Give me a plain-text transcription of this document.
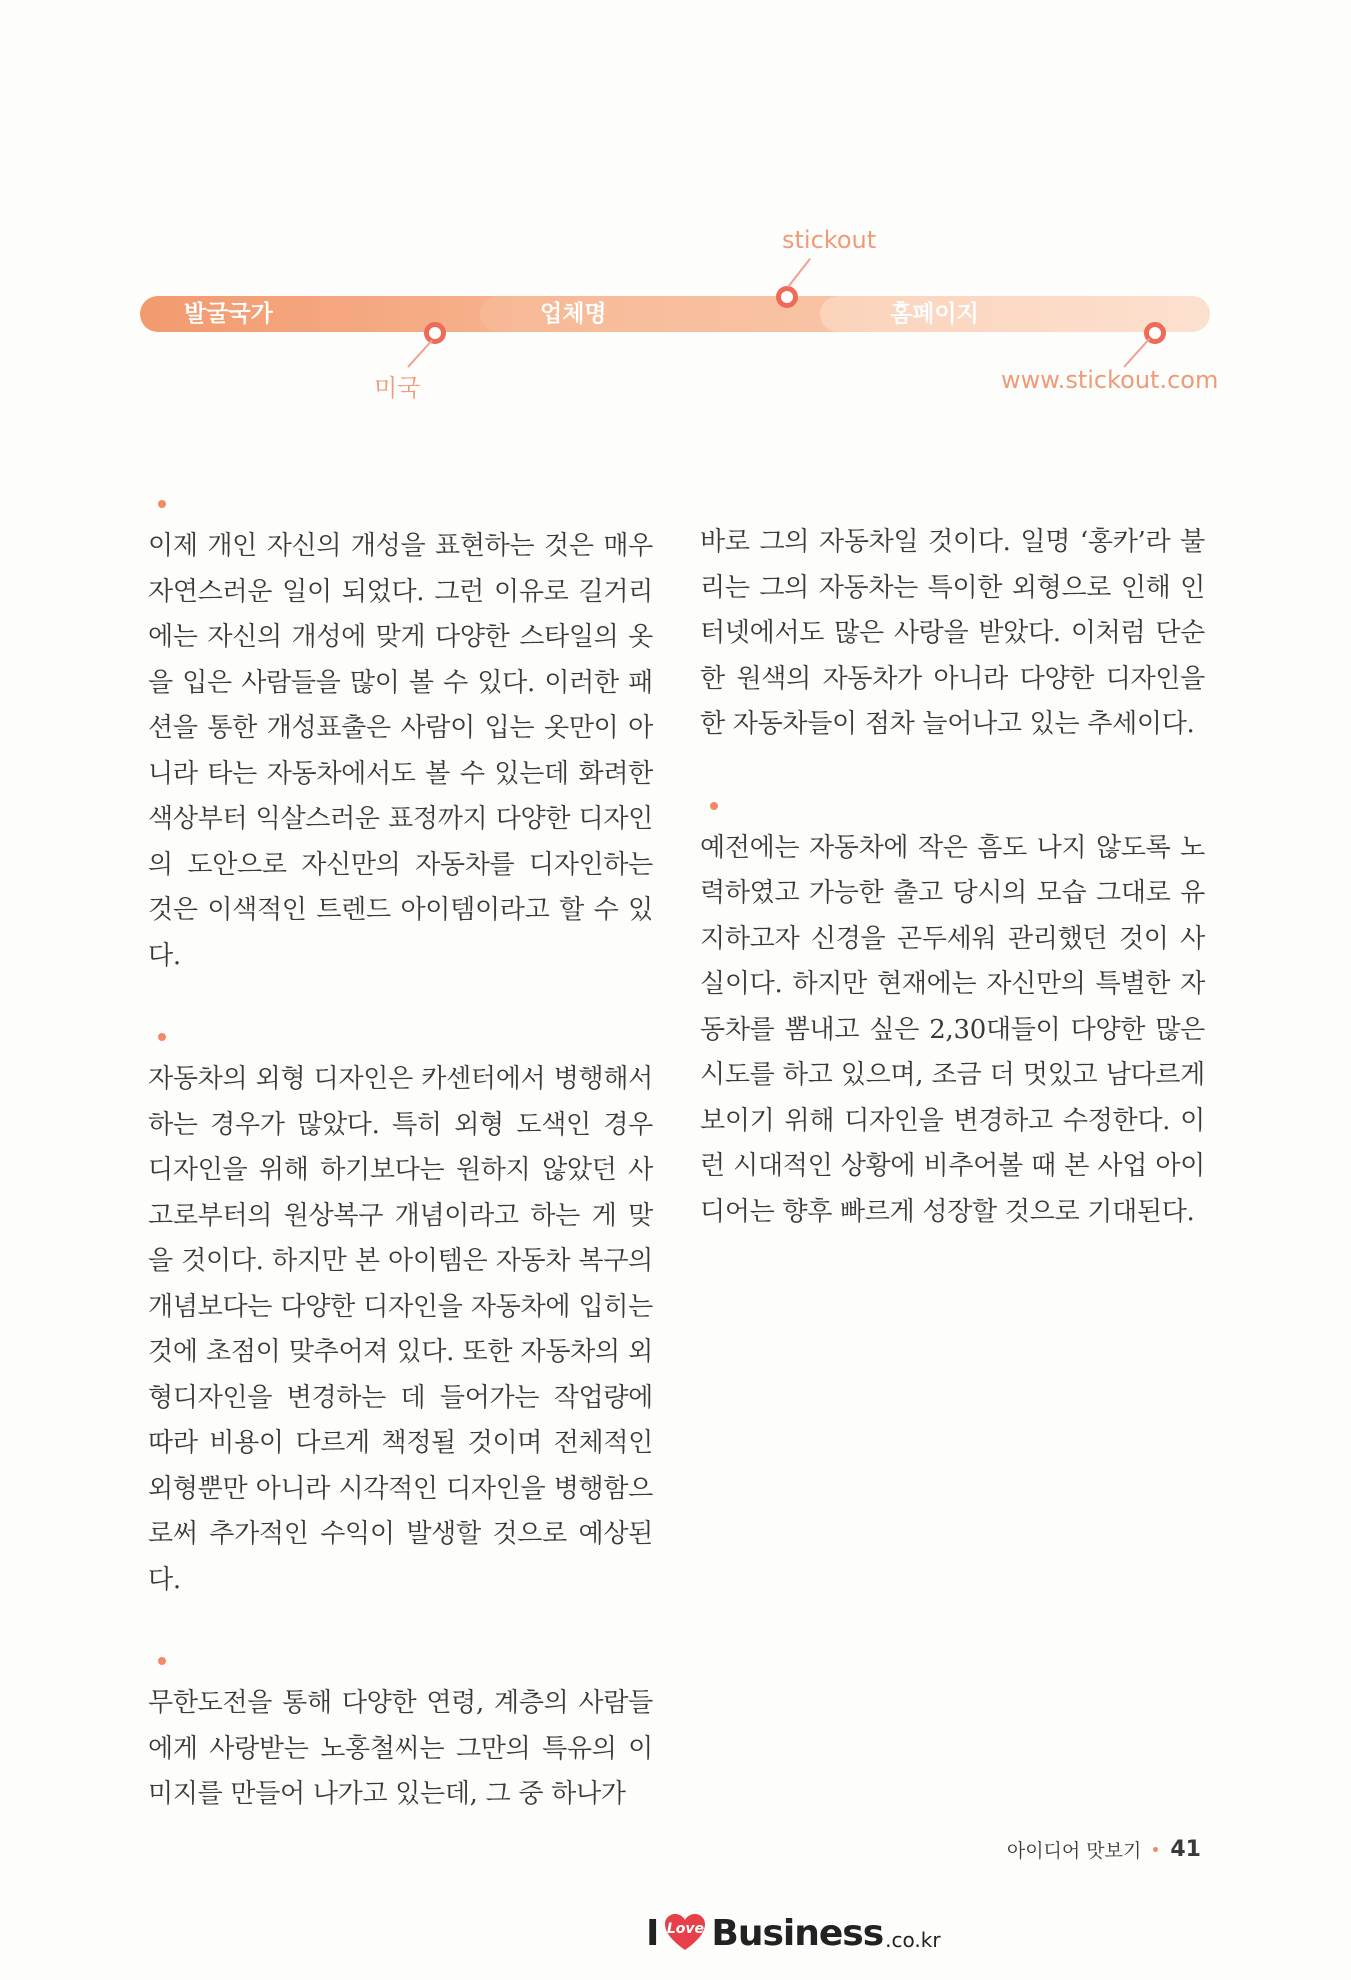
발굴국가	업체명	홈페이지
미국
stickout
www.stickout.com

이제 개인 자신의 개성을 표현하는 것은 매우 자연스러운 일이 되었다. 그런 이유로 길거리에는 자신의 개성에 맞게 다양한 스타일의 옷을 입은 사람들을 많이 볼 수 있다. 이러한 패션을 통한 개성표출은 사람이 입는 옷만이 아니라 타는 자동차에서도 볼 수 있는데 화려한 색상부터 익살스러운 표정까지 다양한 디자인의 도안으로 자신만의 자동차를 디자인하는 것은 이색적인 트렌드 아이템이라고 할 수 있다.

자동차의 외형 디자인은 카센터에서 병행해서 하는 경우가 많았다. 특히 외형 도색인 경우 디자인을 위해 하기보다는 원하지 않았던 사고로부터의 원상복구 개념이라고 하는 게 맞을 것이다. 하지만 본 아이템은 자동차 복구의 개념보다는 다양한 디자인을 자동차에 입히는 것에 초점이 맞추어져 있다. 또한 자동차의 외형디자인을 변경하는 데 들어가는 작업량에 따라 비용이 다르게 책정될 것이며 전체적인 외형뿐만 아니라 시각적인 디자인을 병행함으로써 추가적인 수익이 발생할 것으로 예상된다.

무한도전을 통해 다양한 연령, 계층의 사람들에게 사랑받는 노홍철씨는 그만의 특유의 이미지를 만들어 나가고 있는데, 그 중 하나가

바로 그의 자동차일 것이다. 일명 ‘홍카’라 불리는 그의 자동차는 특이한 외형으로 인해 인터넷에서도 많은 사랑을 받았다. 이처럼 단순한 원색의 자동차가 아니라 다양한 디자인을 한 자동차들이 점차 늘어나고 있는 추세이다.

예전에는 자동차에 작은 흠도 나지 않도록 노력하였고 가능한 출고 당시의 모습 그대로 유지하고자 신경을 곤두세워 관리했던 것이 사실이다. 하지만 현재에는 자신만의 특별한 자동차를 뽐내고 싶은 2,30대들이 다양한 많은 시도를 하고 있으며, 조금 더 멋있고 남다르게 보이기 위해 디자인을 변경하고 수정한다. 이런 시대적인 상황에 비추어볼 때 본 사업 아이디어는 향후 빠르게 성장할 것으로 기대된다.

아이디어 맛보기 41
I Love Business .co.kr
